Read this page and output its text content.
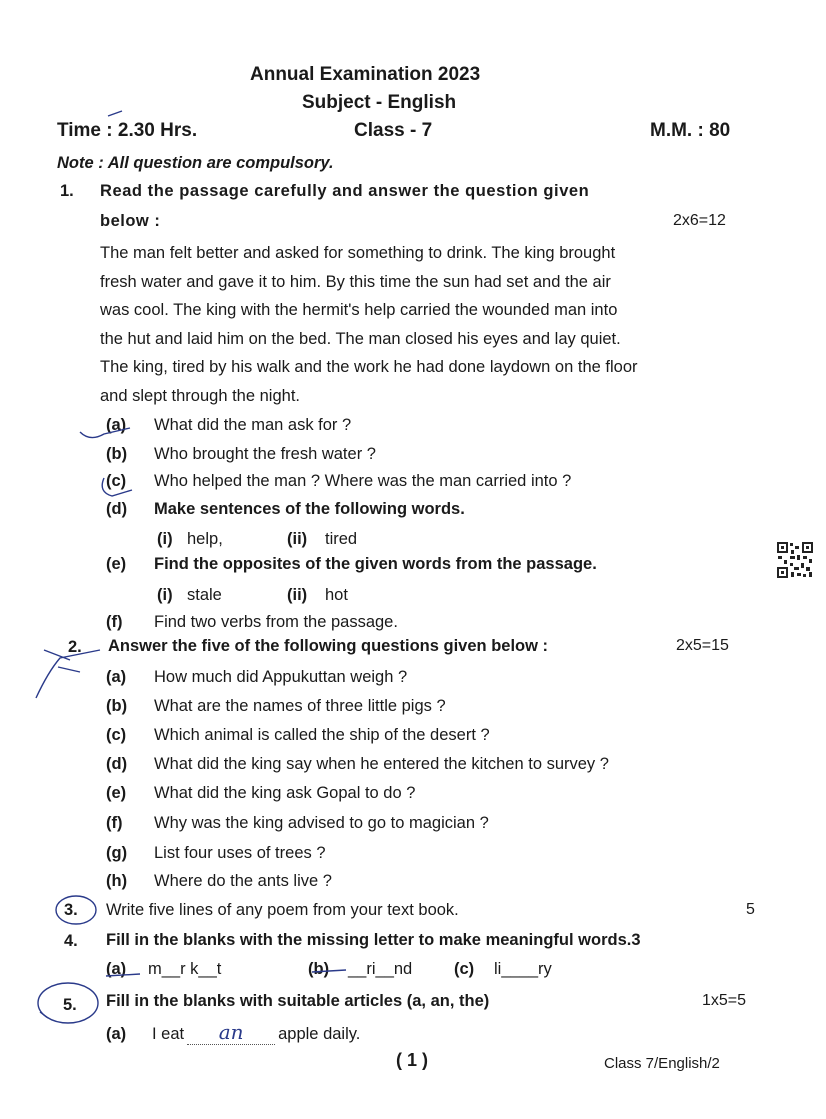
Annual Examination 2023
Subject - English
Time : 2.30 Hrs.	Class - 7	M.M. : 80
Note : All question are compulsory.
1. Read the passage carefully and answer the question given
below :	2x6=12
The man felt better and asked for something to drink. The king brought
fresh water and gave it to him. By this time the sun had set and the air
was cool. The king with the hermit's help carried the wounded man into
the hut and laid him on the bed. The man closed his eyes and lay quiet.
The king, tired by his walk and the work he had done laydown on the floor
and slept through the night.
(a) What did the man ask for ?
(b) Who brought the fresh water ?
(c) Who helped the man ? Where was the man carried into ?
(d) Make sentences of the following words.
(i) help,	(ii) tired
(e) Find the opposites of the given words from the passage.
(i) stale	(ii) hot
(f) Find two verbs from the passage.
2. Answer the five of the following questions given below :	2x5=15
(a) How much did Appukuttan weigh ?
(b) What are the names of three little pigs ?
(c) Which animal is called the ship of the desert ?
(d) What did the king say when he entered the kitchen to survey ?
(e) What did the king ask Gopal to do ?
(f) Why was the king advised to go to magician ?
(g) List four uses of trees ?
(h) Where do the ants live ?
3. Write five lines of any poem from your text book.	5
4. Fill in the blanks with the missing letter to make meaningful words.3
(a) m__r k__t	(b) __ri__nd	(c) li____ry
5. Fill in the blanks with suitable articles (a, an, the)	1x5=5
(a) I eat an apple daily.
( 1 )	Class 7/English/2
